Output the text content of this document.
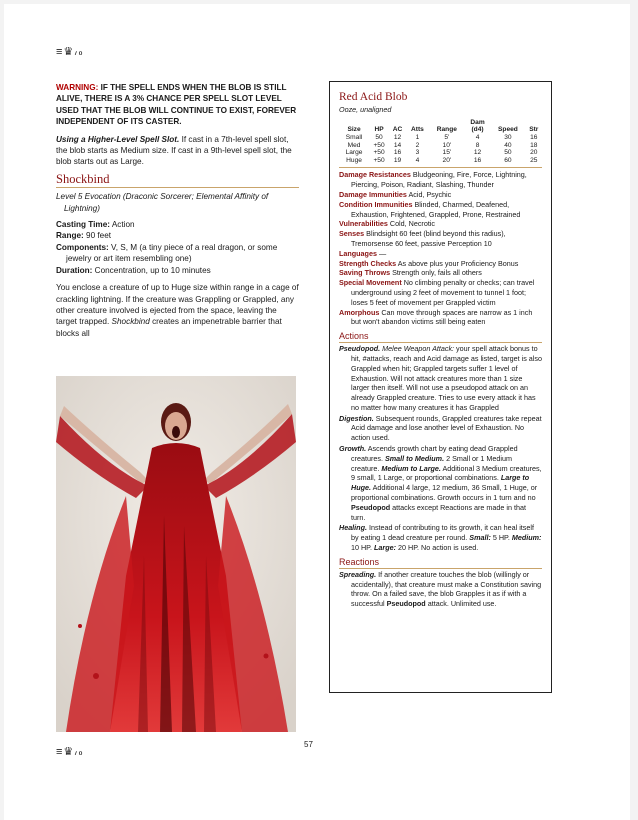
≡♛៸៰

WARNING: IF THE SPELL ENDS WHEN THE BLOB IS STILL ALIVE, THERE IS A 3% CHANCE PER SPELL SLOT LEVEL USED THAT THE BLOB WILL CONTINUE TO EXIST, FOREVER INDEPENDENT OF ITS CASTER.

Using a Higher-Level Spell Slot. If cast in a 7th-level spell slot, the blob starts as Medium size. If cast in a 9th-level spell slot, the blob starts out as Large.

Shockbind

Level 5 Evocation (Draconic Sorcerer; Elemental Affinity of Lightning)

Casting Time: Action

Range: 90 feet

Components: V, S, M (a tiny piece of a real dragon, or some jewelry or art item resembling one)

Duration: Concentration, up to 10 minutes

You enclose a creature of up to Huge size within range in a cage of crackling lightning. If the creature was Grappling or Grappled, any other creature involved is ejected from the space, leaving the target trapped. Shockbind creates an impenetrable barrier that blocks all

Red Acid Blob
Ooze, unaligned
					Dam		
Size	HP	AC	Atts	Range	(d4)	Speed	Str
Small	50	12	1	5'	4	30	16
Med	+50	14	2	10'	8	40	18
Large	+50	16	3	15'	12	50	20
Huge	+50	19	4	20'	16	60	25

Damage Resistances Bludgeoning, Fire, Force, Lightning, Piercing, Poison, Radiant, Slashing, Thunder

Damage Immunities Acid, Psychic

Condition Immunities Blinded, Charmed, Deafened, Exhaustion, Frightened, Grappled, Prone, Restrained

Vulnerabilities Cold, Necrotic

Senses Blindsight 60 feet (blind beyond this radius), Tremorsense 60 feet, passive Perception 10

Languages —

Strength Checks As above plus your Proficiency Bonus

Saving Throws Strength only, fails all others

Special Movement No climbing penalty or checks; can travel underground using 2 feet of movement to tunnel 1 foot; loses 5 feet of movement per Grappled victim

Amorphous Can move through spaces are narrow as 1 inch but won't abandon victims still being eaten

Actions

Pseudopod. Melee Weapon Attack: your spell attack bonus to hit, #attacks, reach and Acid damage as listed, target is also Grappled when hit; Grappled targets suffer 1 level of Exhaustion. Will not attack creatures more than 1 size larger then itself. Will not use a pseudopod attack on an already Grappled creature. Tries to use every attack it has no matter how many creatures it has Grappled

Digestion. Subsequent rounds, Grappled creatures take repeat Acid damage and lose another level of Exhaustion. No action used.

Growth. Ascends growth chart by eating dead Grappled creatures. Small to Medium. 2 Small or 1 Medium creature. Medium to Large. Additional 3 Medium creatures, 9 small, 1 Large, or proportional combinations. Large to Huge. Additional 4 large, 12 medium, 36 Small, 1 Huge, or proportional combinations. Growth occurs in 1 turn and no Pseudopod attacks except Reactions are made in that turn.

Healing. Instead of contributing to its growth, it can heal itself by eating 1 dead creature per round. Small: 5 HP. Medium: 10 HP. Large: 20 HP. No action is used.

Reactions

Spreading. If another creature touches the blob (willingly or accidentally), that creature must make a Constitution saving throw. On a failed save, the blob Grapples it as if with a successful Pseudopod attack. Unlimited use.

57
≡♛៸៰
